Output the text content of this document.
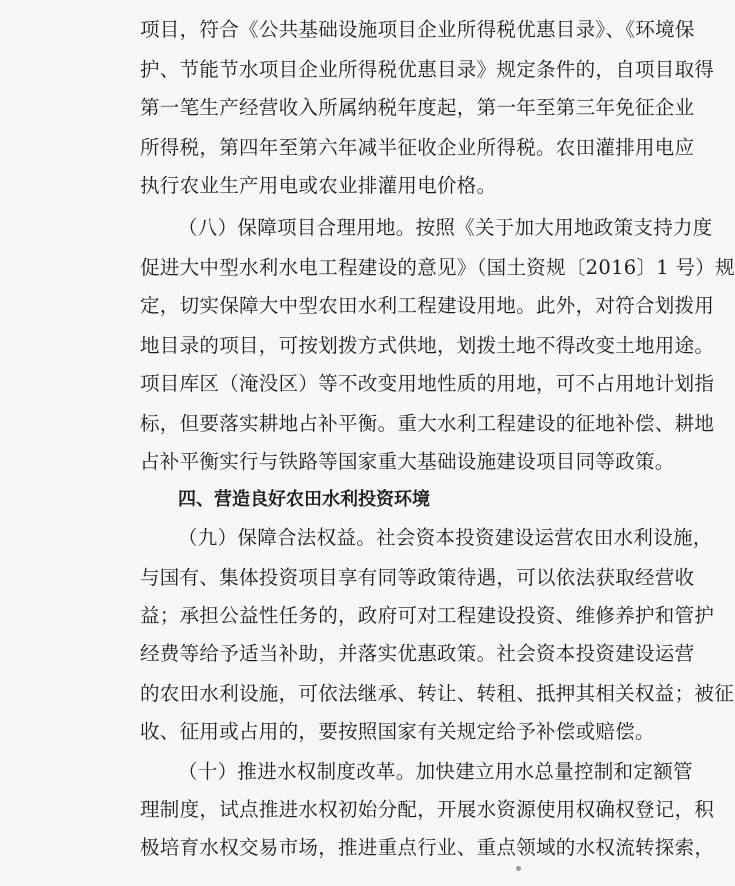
项目，符合《公共基础设施项目企业所得税优惠目录》、《环境保
护、节能节水项目企业所得税优惠目录》规定条件的，自项目取得
第一笔生产经营收入所属纳税年度起，第一年至第三年免征企业
所得税，第四年至第六年减半征收企业所得税。农田灌排用电应
执行农业生产用电或农业排灌用电价格。
（八）保障项目合理用地。按照《关于加大用地政策支持力度
促进大中型水利水电工程建设的意见》（国土资规〔2016〕1 号）规
定，切实保障大中型农田水利工程建设用地。此外，对符合划拨用
地目录的项目，可按划拨方式供地，划拨土地不得改变土地用途。
项目库区（淹没区）等不改变用地性质的用地，可不占用地计划指
标，但要落实耕地占补平衡。重大水利工程建设的征地补偿、耕地
占补平衡实行与铁路等国家重大基础设施建设项目同等政策。
四、营造良好农田水利投资环境
（九）保障合法权益。社会资本投资建设运营农田水利设施，
与国有、集体投资项目享有同等政策待遇，可以依法获取经营收
益；承担公益性任务的，政府可对工程建设投资、维修养护和管护
经费等给予适当补助，并落实优惠政策。社会资本投资建设运营
的农田水利设施，可依法继承、转让、转租、抵押其相关权益；被征
收、征用或占用的，要按照国家有关规定给予补偿或赔偿。
（十）推进水权制度改革。加快建立用水总量控制和定额管
理制度，试点推进水权初始分配，开展水资源使用权确权登记，积
极培育水权交易市场，推进重点行业、重点领域的水权流转探索，
